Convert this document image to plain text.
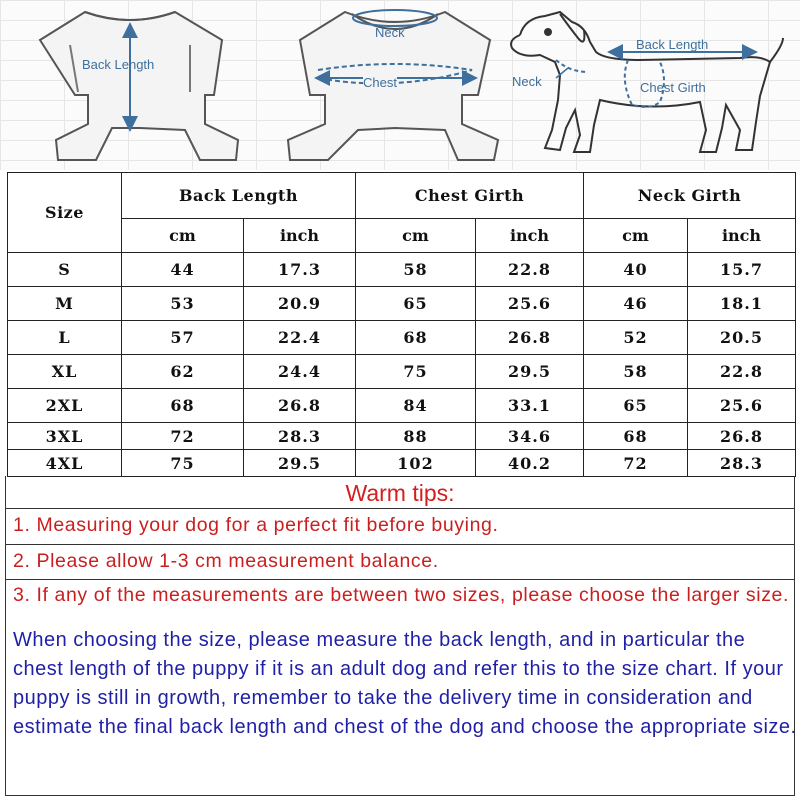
Back Length
Neck
Chest
Back Length
Neck	Chest Girth
Size	Back Length		Chest Girth		Neck Girth	
	cm	inch	cm	inch	cm	inch
S	44	17.3	58	22.8	40	15.7
M	53	20.9	65	25.6	46	18.1
L	57	22.4	68	26.8	52	20.5
XL	62	24.4	75	29.5	58	22.8
2XL	68	26.8	84	33.1	65	25.6
3XL	72	28.3	88	34.6	68	26.8
4XL	75	29.5	102	40.2	72	28.3
Warm tips:
1. Measuring your dog for a perfect fit before buying.
2. Please allow 1-3 cm measurement balance.
3. If any of the measurements are between two sizes, please choose the larger size.
When choosing the size, please measure the back length, and in particular the chest length of the puppy if it is an adult dog and refer this to the size chart. If your puppy is still in growth, remember to take the delivery time in consideration and estimate the final back length and chest of the dog and choose the appropriate size.
